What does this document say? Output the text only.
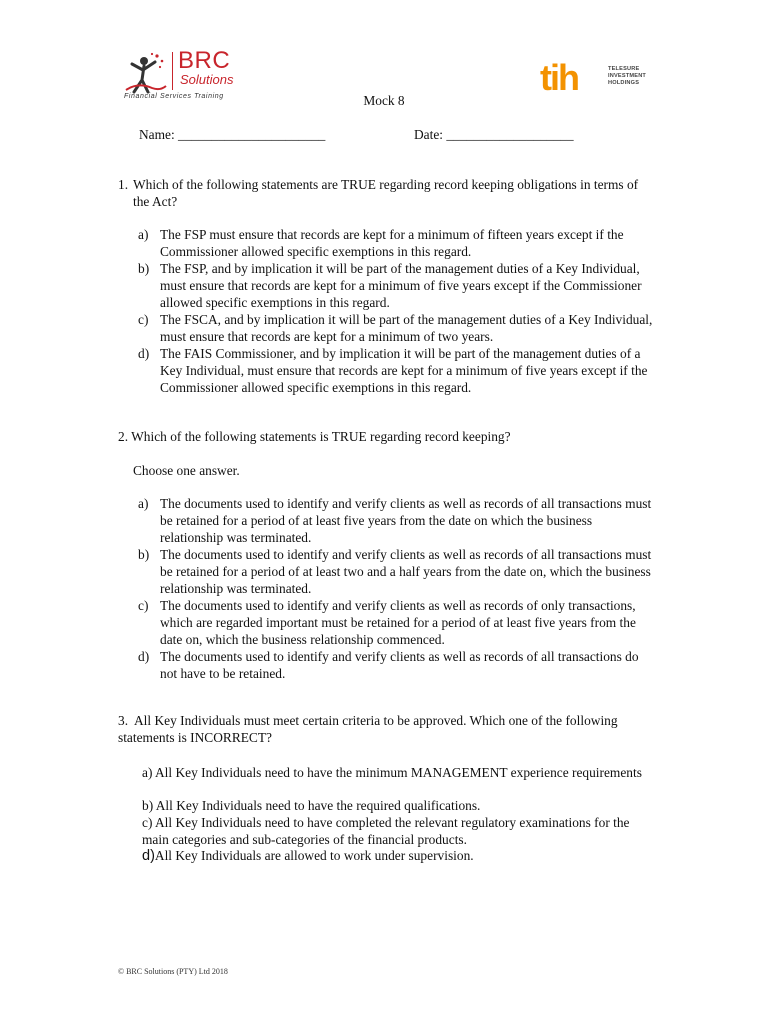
BRC
Solutions
Financial Services Training	tih	TELESURE
INVESTMENT
HOLDINGS
Mock 8
Name: ______________________	Date: ___________________
1. Which of the following statements are TRUE regarding record keeping obligations in terms of the Act?
a) The FSP must ensure that records are kept for a minimum of fifteen years except if the Commissioner allowed specific exemptions in this regard.
b) The FSP, and by implication it will be part of the management duties of a Key Individual, must ensure that records are kept for a minimum of five years except if the Commissioner allowed specific exemptions in this regard.
c) The FSCA, and by implication it will be part of the management duties of a Key Individual, must ensure that records are kept for a minimum of two years.
d) The FAIS Commissioner, and by implication it will be part of the management duties of a Key Individual, must ensure that records are kept for a minimum of five years except if the Commissioner allowed specific exemptions in this regard.
2. Which of the following statements is TRUE regarding record keeping?
Choose one answer.
a) The documents used to identify and verify clients as well as records of all transactions must be retained for a period of at least five years from the date on which the business relationship was terminated.
b) The documents used to identify and verify clients as well as records of all transactions must be retained for a period of at least two and a half years from the date on, which the business relationship was terminated.
c) The documents used to identify and verify clients as well as records of only transactions, which are regarded important must be retained for a period of at least five years from the date on, which the business relationship commenced.
d) The documents used to identify and verify clients as well as records of all transactions do not have to be retained.
3. All Key Individuals must meet certain criteria to be approved. Which one of the following statements is INCORRECT?
a) All Key Individuals need to have the minimum MANAGEMENT experience requirements
b) All Key Individuals need to have the required qualifications.
c) All Key Individuals need to have completed the relevant regulatory examinations for the main categories and sub-categories of the financial products.
d)All Key Individuals are allowed to work under supervision.
© BRC Solutions (PTY) Ltd 2018
